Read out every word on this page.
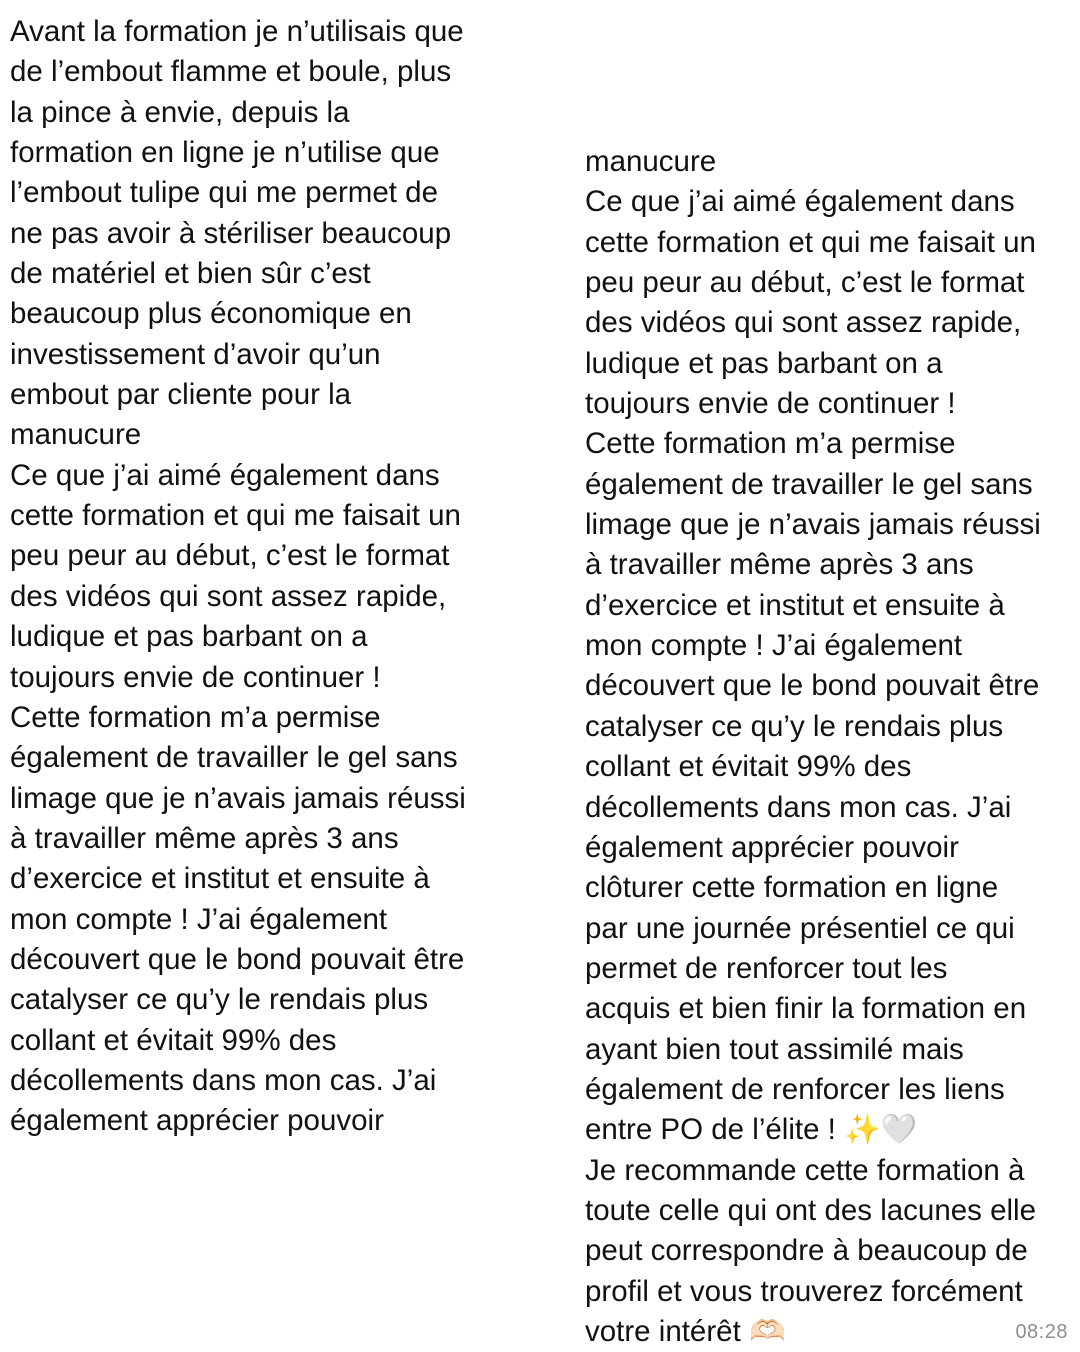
Avant la formation je n’utilisais que
de l’embout flamme et boule, plus
la pince à envie, depuis la
formation en ligne je n’utilise que
l’embout tulipe qui me permet de
ne pas avoir à stériliser beaucoup
de matériel et bien sûr c’est
beaucoup plus économique en
investissement d’avoir qu’un
embout par cliente pour la
manucure
Ce que j’ai aimé également dans
cette formation et qui me faisait un
peu peur au début, c’est le format
des vidéos qui sont assez rapide,
ludique et pas barbant on a
toujours envie de continuer !
Cette formation m’a permise
également de travailler le gel sans
limage que je n’avais jamais réussi
à travailler même après 3 ans
d’exercice et institut et ensuite à
mon compte ! J’ai également
découvert que le bond pouvait être
catalyser ce qu’y le rendais plus
collant et évitait 99% des
décollements dans mon cas. J’ai
également apprécier pouvoir
manucure
Ce que j’ai aimé également dans
cette formation et qui me faisait un
peu peur au début, c’est le format
des vidéos qui sont assez rapide,
ludique et pas barbant on a
toujours envie de continuer !
Cette formation m’a permise
également de travailler le gel sans
limage que je n’avais jamais réussi
à travailler même après 3 ans
d’exercice et institut et ensuite à
mon compte ! J’ai également
découvert que le bond pouvait être
catalyser ce qu’y le rendais plus
collant et évitait 99% des
décollements dans mon cas. J’ai
également apprécier pouvoir
clôturer cette formation en ligne
par une journée présentiel ce qui
permet de renforcer tout les
acquis et bien finir la formation en
ayant bien tout assimilé mais
également de renforcer les liens
entre PO de l’élite ! ✨🤍
Je recommande cette formation à
toute celle qui ont des lacunes elle
peut correspondre à beaucoup de
profil et vous trouverez forcément
votre intérêt 🫶🏻	08:28
